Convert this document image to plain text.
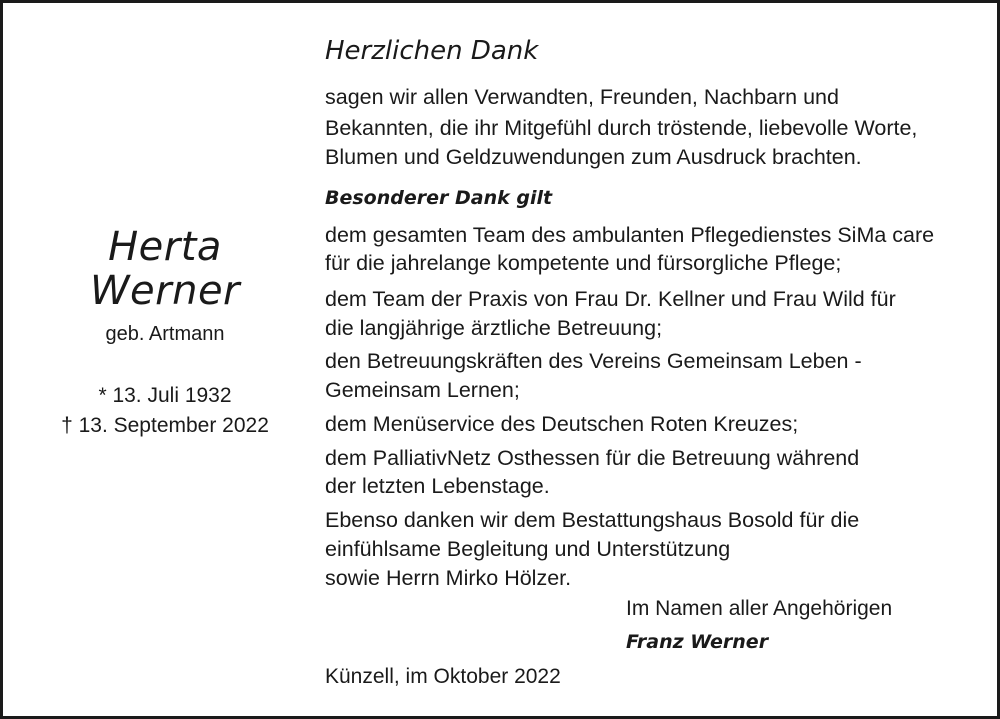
Herta
Werner
geb. Artmann
* 13. Juli 1932
† 13. September 2022
Herzlichen Dank
sagen wir allen Verwandten, Freunden, Nachbarn und
Bekannten, die ihr Mitgefühl durch tröstende, liebevolle Worte,
Blumen und Geldzuwendungen zum Ausdruck brachten.
Besonderer Dank gilt
dem gesamten Team des ambulanten Pflegedienstes SiMa care
für die jahrelange kompetente und fürsorgliche Pflege;
dem Team der Praxis von Frau Dr. Kellner und Frau Wild für
die langjährige ärztliche Betreuung;
den Betreuungskräften des Vereins Gemeinsam Leben -
Gemeinsam Lernen;
dem Menüservice des Deutschen Roten Kreuzes;
dem PalliativNetz Osthessen für die Betreuung während
der letzten Lebenstage.
Ebenso danken wir dem Bestattungshaus Bosold für die
einfühlsame Begleitung und Unterstützung
sowie Herrn Mirko Hölzer.
Im Namen aller Angehörigen
Franz Werner
Künzell, im Oktober 2022
